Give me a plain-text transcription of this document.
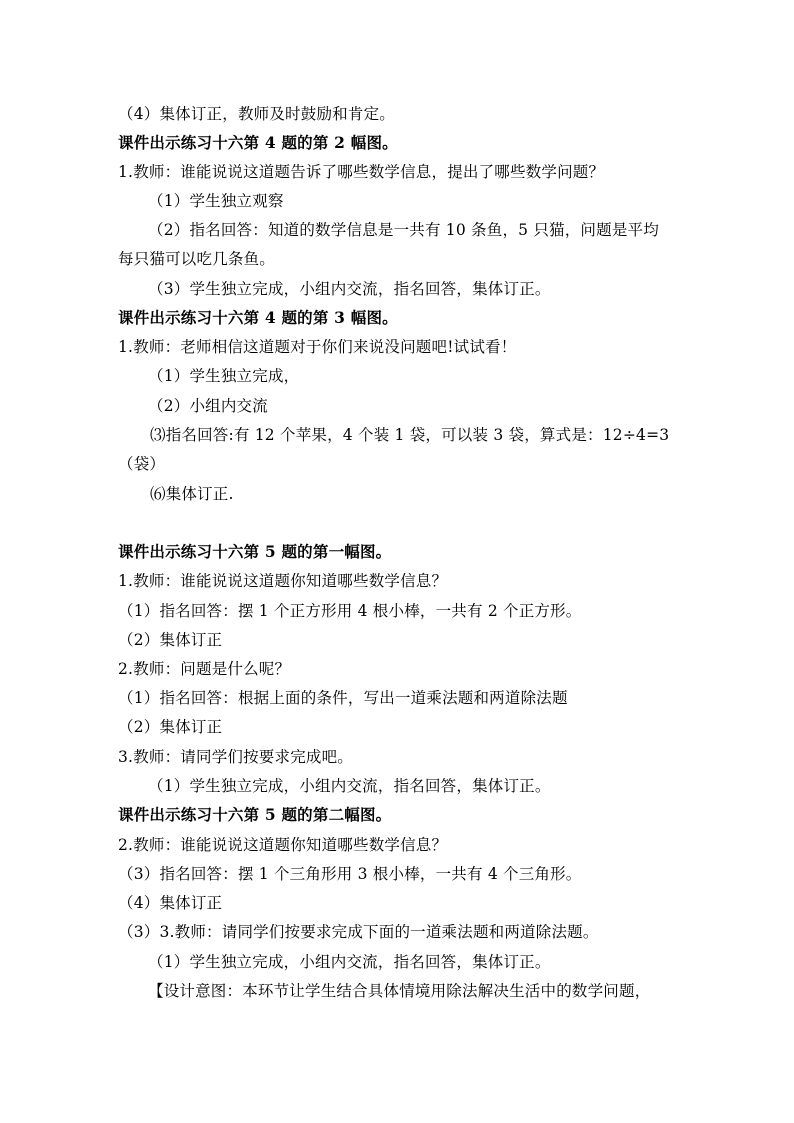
（4）集体订正，教师及时鼓励和肯定。
课件出示练习十六第 4 题的第 2 幅图。
1.教师：谁能说说这道题告诉了哪些数学信息，提出了哪些数学问题？
（1）学生独立观察
（2）指名回答：知道的数学信息是一共有 10 条鱼，5 只猫，问题是平均
每只猫可以吃几条鱼。
（3）学生独立完成，小组内交流，指名回答，集体订正。
课件出示练习十六第 4 题的第 3 幅图。
1.教师：老师相信这道题对于你们来说没问题吧!试试看！
（1）学生独立完成，
（2）小组内交流
⑶指名回答:有 12 个苹果，4 个装 1 袋，可以装 3 袋，算式是：12÷4=3
（袋）
⑹集体订正.
课件出示练习十六第 5 题的第一幅图。
1.教师：谁能说说这道题你知道哪些数学信息？
（1）指名回答：摆 1 个正方形用 4 根小棒，一共有 2 个正方形。
（2）集体订正
2.教师：问题是什么呢？
（1）指名回答：根据上面的条件，写出一道乘法题和两道除法题
（2）集体订正
3.教师：请同学们按要求完成吧。
（1）学生独立完成，小组内交流，指名回答，集体订正。
课件出示练习十六第 5 题的第二幅图。
2.教师：谁能说说这道题你知道哪些数学信息？
（3）指名回答：摆 1 个三角形用 3 根小棒，一共有 4 个三角形。
（4）集体订正
（3）3.教师：请同学们按要求完成下面的一道乘法题和两道除法题。
（1）学生独立完成，小组内交流，指名回答，集体订正。
【设计意图：本环节让学生结合具体情境用除法解决生活中的数学问题，
